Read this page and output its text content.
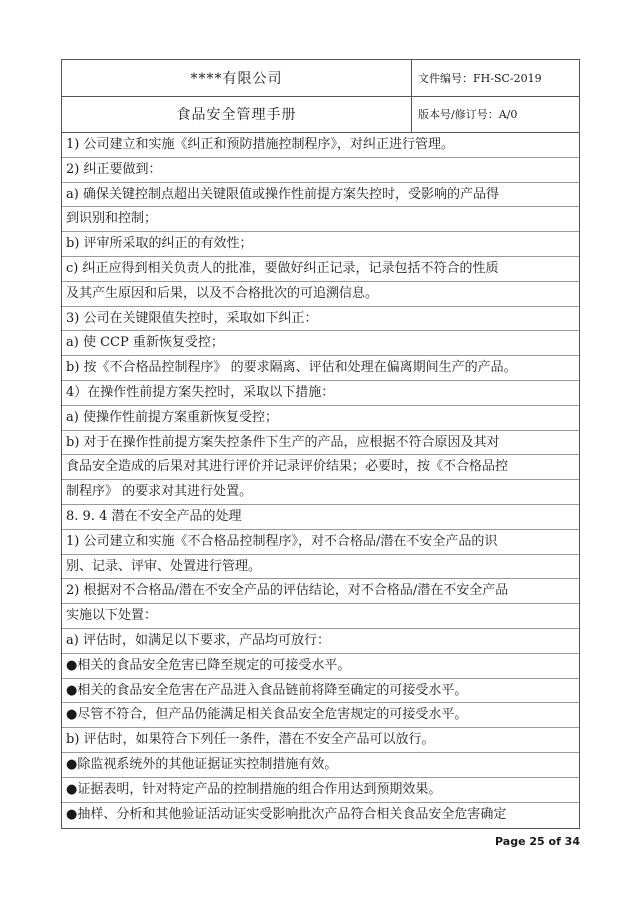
****有限公司	文件编号：FH-SC-2019
食品安全管理手册	版本号/修订号：A/0
1) 公司建立和实施《纠正和预防措施控制程序》，对纠正进行管理。
2) 纠正要做到：
a) 确保关键控制点超出关键限值或操作性前提方案失控时，受影响的产品得
到识别和控制；
b) 评审所采取的纠正的有效性；
c) 纠正应得到相关负责人的批准，要做好纠正记录，记录包括不符合的性质
及其产生原因和后果，以及不合格批次的可追溯信息。
3) 公司在关键限值失控时，采取如下纠正：
a) 使 CCP 重新恢复受控；
b) 按《不合格品控制程序》 的要求隔离、评估和处理在偏离期间生产的产品。
4）在操作性前提方案失控时，采取以下措施：
a) 使操作性前提方案重新恢复受控；
b) 对于在操作性前提方案失控条件下生产的产品，应根据不符合原因及其对
食品安全造成的后果对其进行评价并记录评价结果；必要时，按《不合格品控
制程序》 的要求对其进行处置。
8. 9. 4 潜在不安全产品的处理
1) 公司建立和实施《不合格品控制程序》，对不合格品/潜在不安全产品的识
别、记录、评审、处置进行管理。
2) 根据对不合格品/潜在不安全产品的评估结论，对不合格品/潜在不安全产品
实施以下处置：
a) 评估时，如满足以下要求，产品均可放行：
●相关的食品安全危害已降至规定的可接受水平。
●相关的食品安全危害在产品进入食品链前将降至确定的可接受水平。
●尽管不符合，但产品仍能满足相关食品安全危害规定的可接受水平。
b) 评估时，如果符合下列任一条件，潜在不安全产品可以放行。
●除监视系统外的其他证据证实控制措施有效。
●证据表明，针对特定产品的控制措施的组合作用达到预期效果。
●抽样、分析和其他验证活动证实受影响批次产品符合相关食品安全危害确定
Page 25 of 34
